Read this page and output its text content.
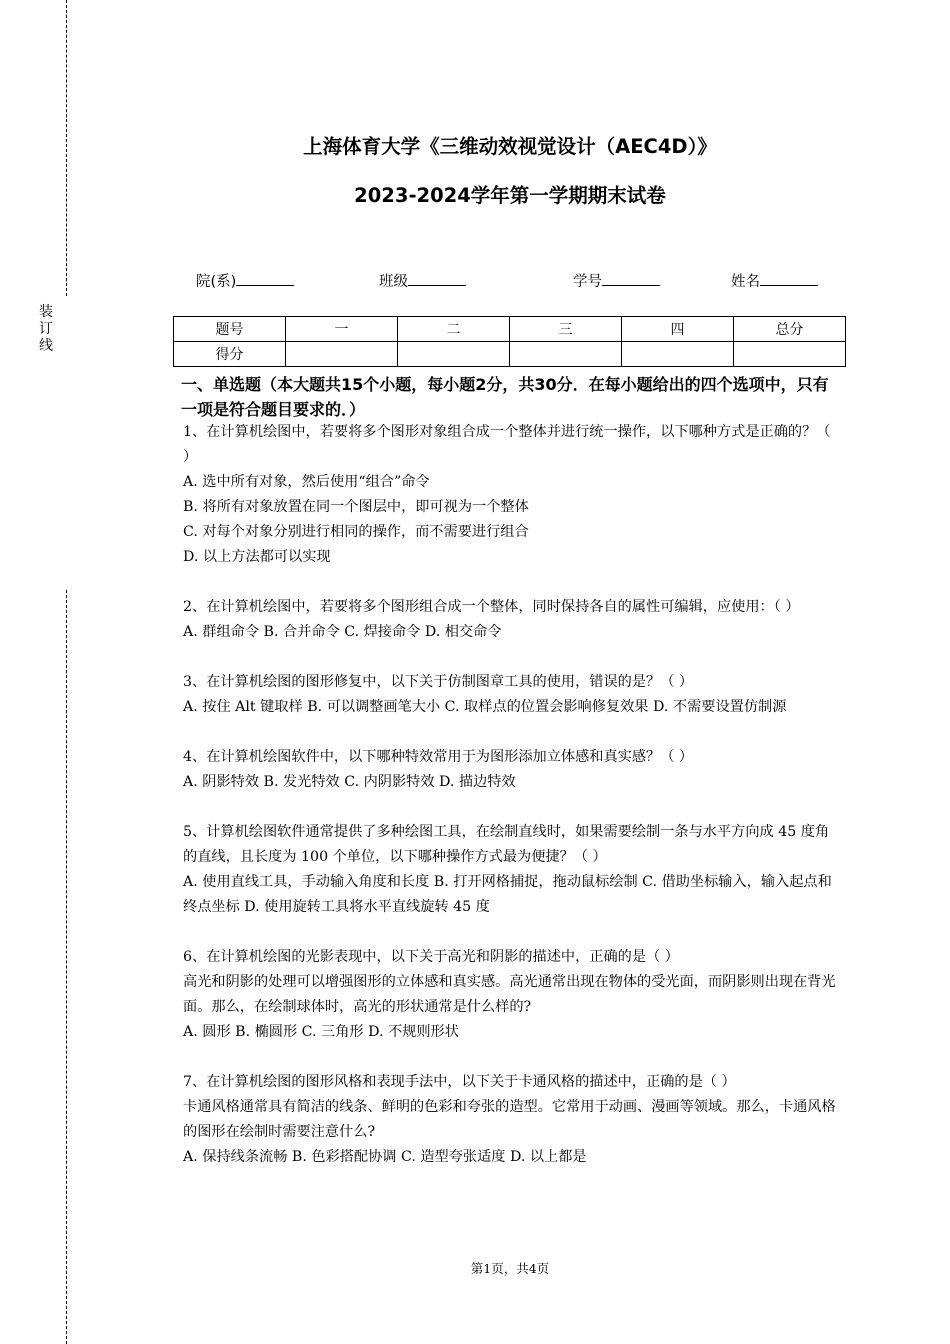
装
订
线
上海体育大学《三维动效视觉设计（AEC4D）》
2023-2024学年第一学期期末试卷
院(系)	班级	学号	姓名
题号	一	二	三	四	总分
得分					
一、单选题（本大题共15个小题，每小题2分，共30分．在每小题给出的四个选项中，只有一项是符合题目要求的．）

1、在计算机绘图中，若要将多个图形对象组合成一个整体并进行统一操作，以下哪种方式是正确的？（ ）

A. 选中所有对象，然后使用“组合”命令

B. 将所有对象放置在同一个图层中，即可视为一个整体

C. 对每个对象分别进行相同的操作，而不需要进行组合

D. 以上方法都可以实现

2、在计算机绘图中，若要将多个图形组合成一个整体，同时保持各自的属性可编辑，应使用：（ ）

A. 群组命令 B. 合并命令 C. 焊接命令 D. 相交命令

3、在计算机绘图的图形修复中，以下关于仿制图章工具的使用，错误的是？（ ）

A. 按住 Alt 键取样 B. 可以调整画笔大小 C. 取样点的位置会影响修复效果 D. 不需要设置仿制源

4、在计算机绘图软件中，以下哪种特效常用于为图形添加立体感和真实感？（ ）

A. 阴影特效 B. 发光特效 C. 内阴影特效 D. 描边特效

5、计算机绘图软件通常提供了多种绘图工具，在绘制直线时，如果需要绘制一条与水平方向成 45 度角的直线，且长度为 100 个单位，以下哪种操作方式最为便捷？（ ）

A. 使用直线工具，手动输入角度和长度 B. 打开网格捕捉，拖动鼠标绘制 C. 借助坐标输入，输入起点和终点坐标 D. 使用旋转工具将水平直线旋转 45 度

6、在计算机绘图的光影表现中，以下关于高光和阴影的描述中，正确的是（ ）

高光和阴影的处理可以增强图形的立体感和真实感。高光通常出现在物体的受光面，而阴影则出现在背光面。那么，在绘制球体时，高光的形状通常是什么样的?

A. 圆形 B. 椭圆形 C. 三角形 D. 不规则形状

7、在计算机绘图的图形风格和表现手法中，以下关于卡通风格的描述中，正确的是（ ）

卡通风格通常具有简洁的线条、鲜明的色彩和夸张的造型。它常用于动画、漫画等领域。那么，卡通风格的图形在绘制时需要注意什么?

A. 保持线条流畅 B. 色彩搭配协调 C. 造型夸张适度 D. 以上都是

第1页，共4页
